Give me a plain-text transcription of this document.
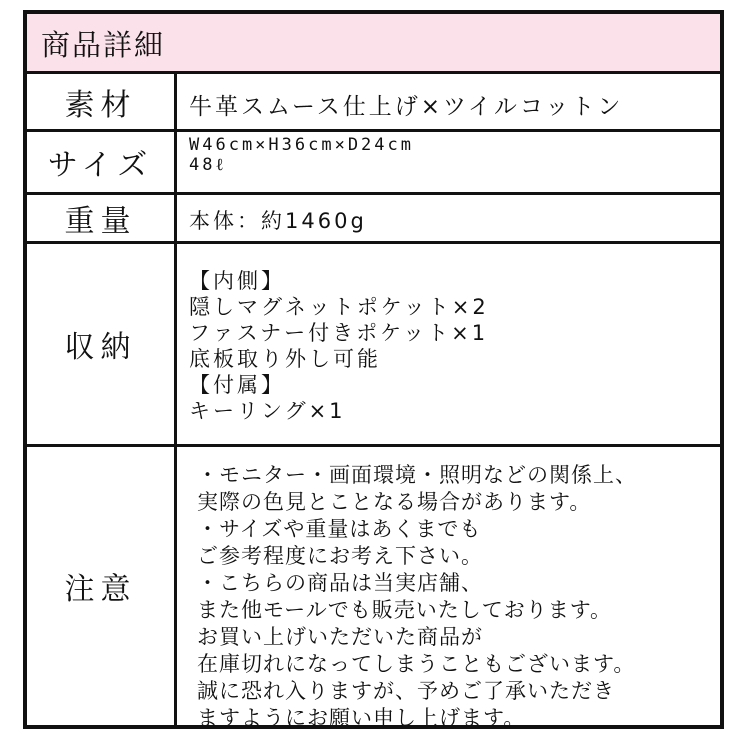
商品詳細
素材	牛革スムース仕上げ×ツイルコットン
サイズ
W46cm×H36cm×D24cm
48ℓ
重量	本体：約1460g
収納
【内側】
隠しマグネットポケット×2
ファスナー付きポケット×1
底板取り外し可能
【付属】
キーリング×1
注意
・モニター・画面環境・照明などの関係上、
実際の色見とことなる場合があります。
・サイズや重量はあくまでも
ご参考程度にお考え下さい。
・こちらの商品は当実店舗、
また他モールでも販売いたしております。
お買い上げいただいた商品が
在庫切れになってしまうこともございます。
誠に恐れ入りますが、予めご了承いただき
ますようにお願い申し上げます。
